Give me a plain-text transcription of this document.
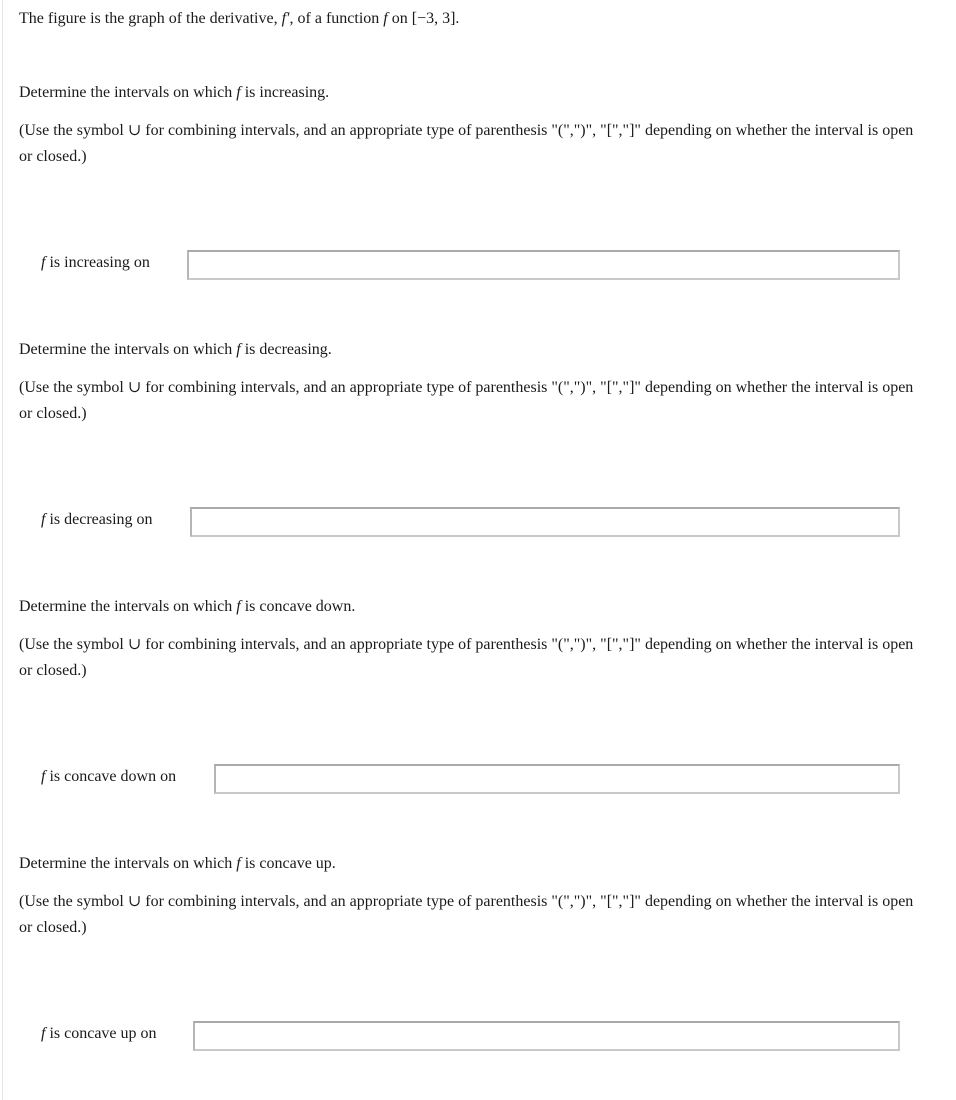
The figure is the graph of the derivative, f′, of a function f on [−3, 3].
Determine the intervals on which f is increasing.
(Use the symbol ∪ for combining intervals, and an appropriate type of parenthesis "(",")", "[","]" depending on whether the interval is open or closed.)
f is increasing on
Determine the intervals on which f is decreasing.
(Use the symbol ∪ for combining intervals, and an appropriate type of parenthesis "(",")", "[","]" depending on whether the interval is open or closed.)
f is decreasing on
Determine the intervals on which f is concave down.
(Use the symbol ∪ for combining intervals, and an appropriate type of parenthesis "(",")", "[","]" depending on whether the interval is open or closed.)
f is concave down on
Determine the intervals on which f is concave up.
(Use the symbol ∪ for combining intervals, and an appropriate type of parenthesis "(",")", "[","]" depending on whether the interval is open or closed.)
f is concave up on
